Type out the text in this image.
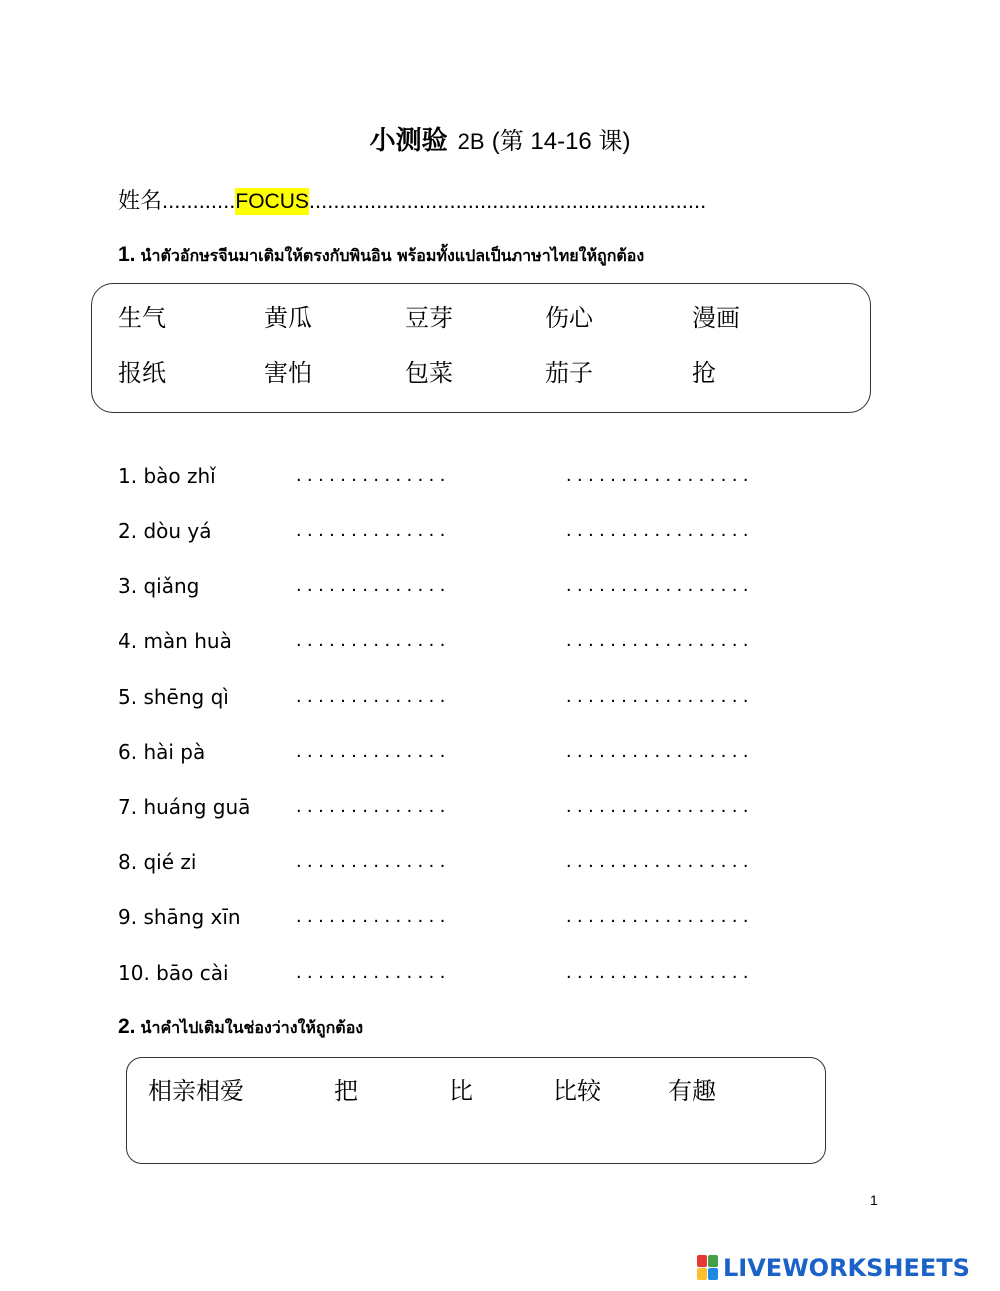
小测验 2B (第 14-16 课)
姓名............FOCUS.................................................................
1. นำตัวอักษรจีนมาเติมให้ตรงกับพินอิน พร้อมทั้งแปลเป็นภาษาไทยให้ถูกต้อง
生气	黄瓜	豆芽	伤心	漫画
报纸	害怕	包菜	茄子	抢
1. bào zhǐ	..............	.................
2. dòu yá	..............	.................
3. qiǎng	..............	.................
4. màn huà	..............	.................
5. shēng qì	..............	.................
6. hài pà	..............	.................
7. huáng guā ..............	.................
8. qié zi	..............	.................
9. shāng xīn	..............	.................
10. bāo cài	..............	.................
2. นำคำไปเติมในช่องว่างให้ถูกต้อง
相亲相爱	把	比	比较	有趣
1
LIVEWORKSHEETS
